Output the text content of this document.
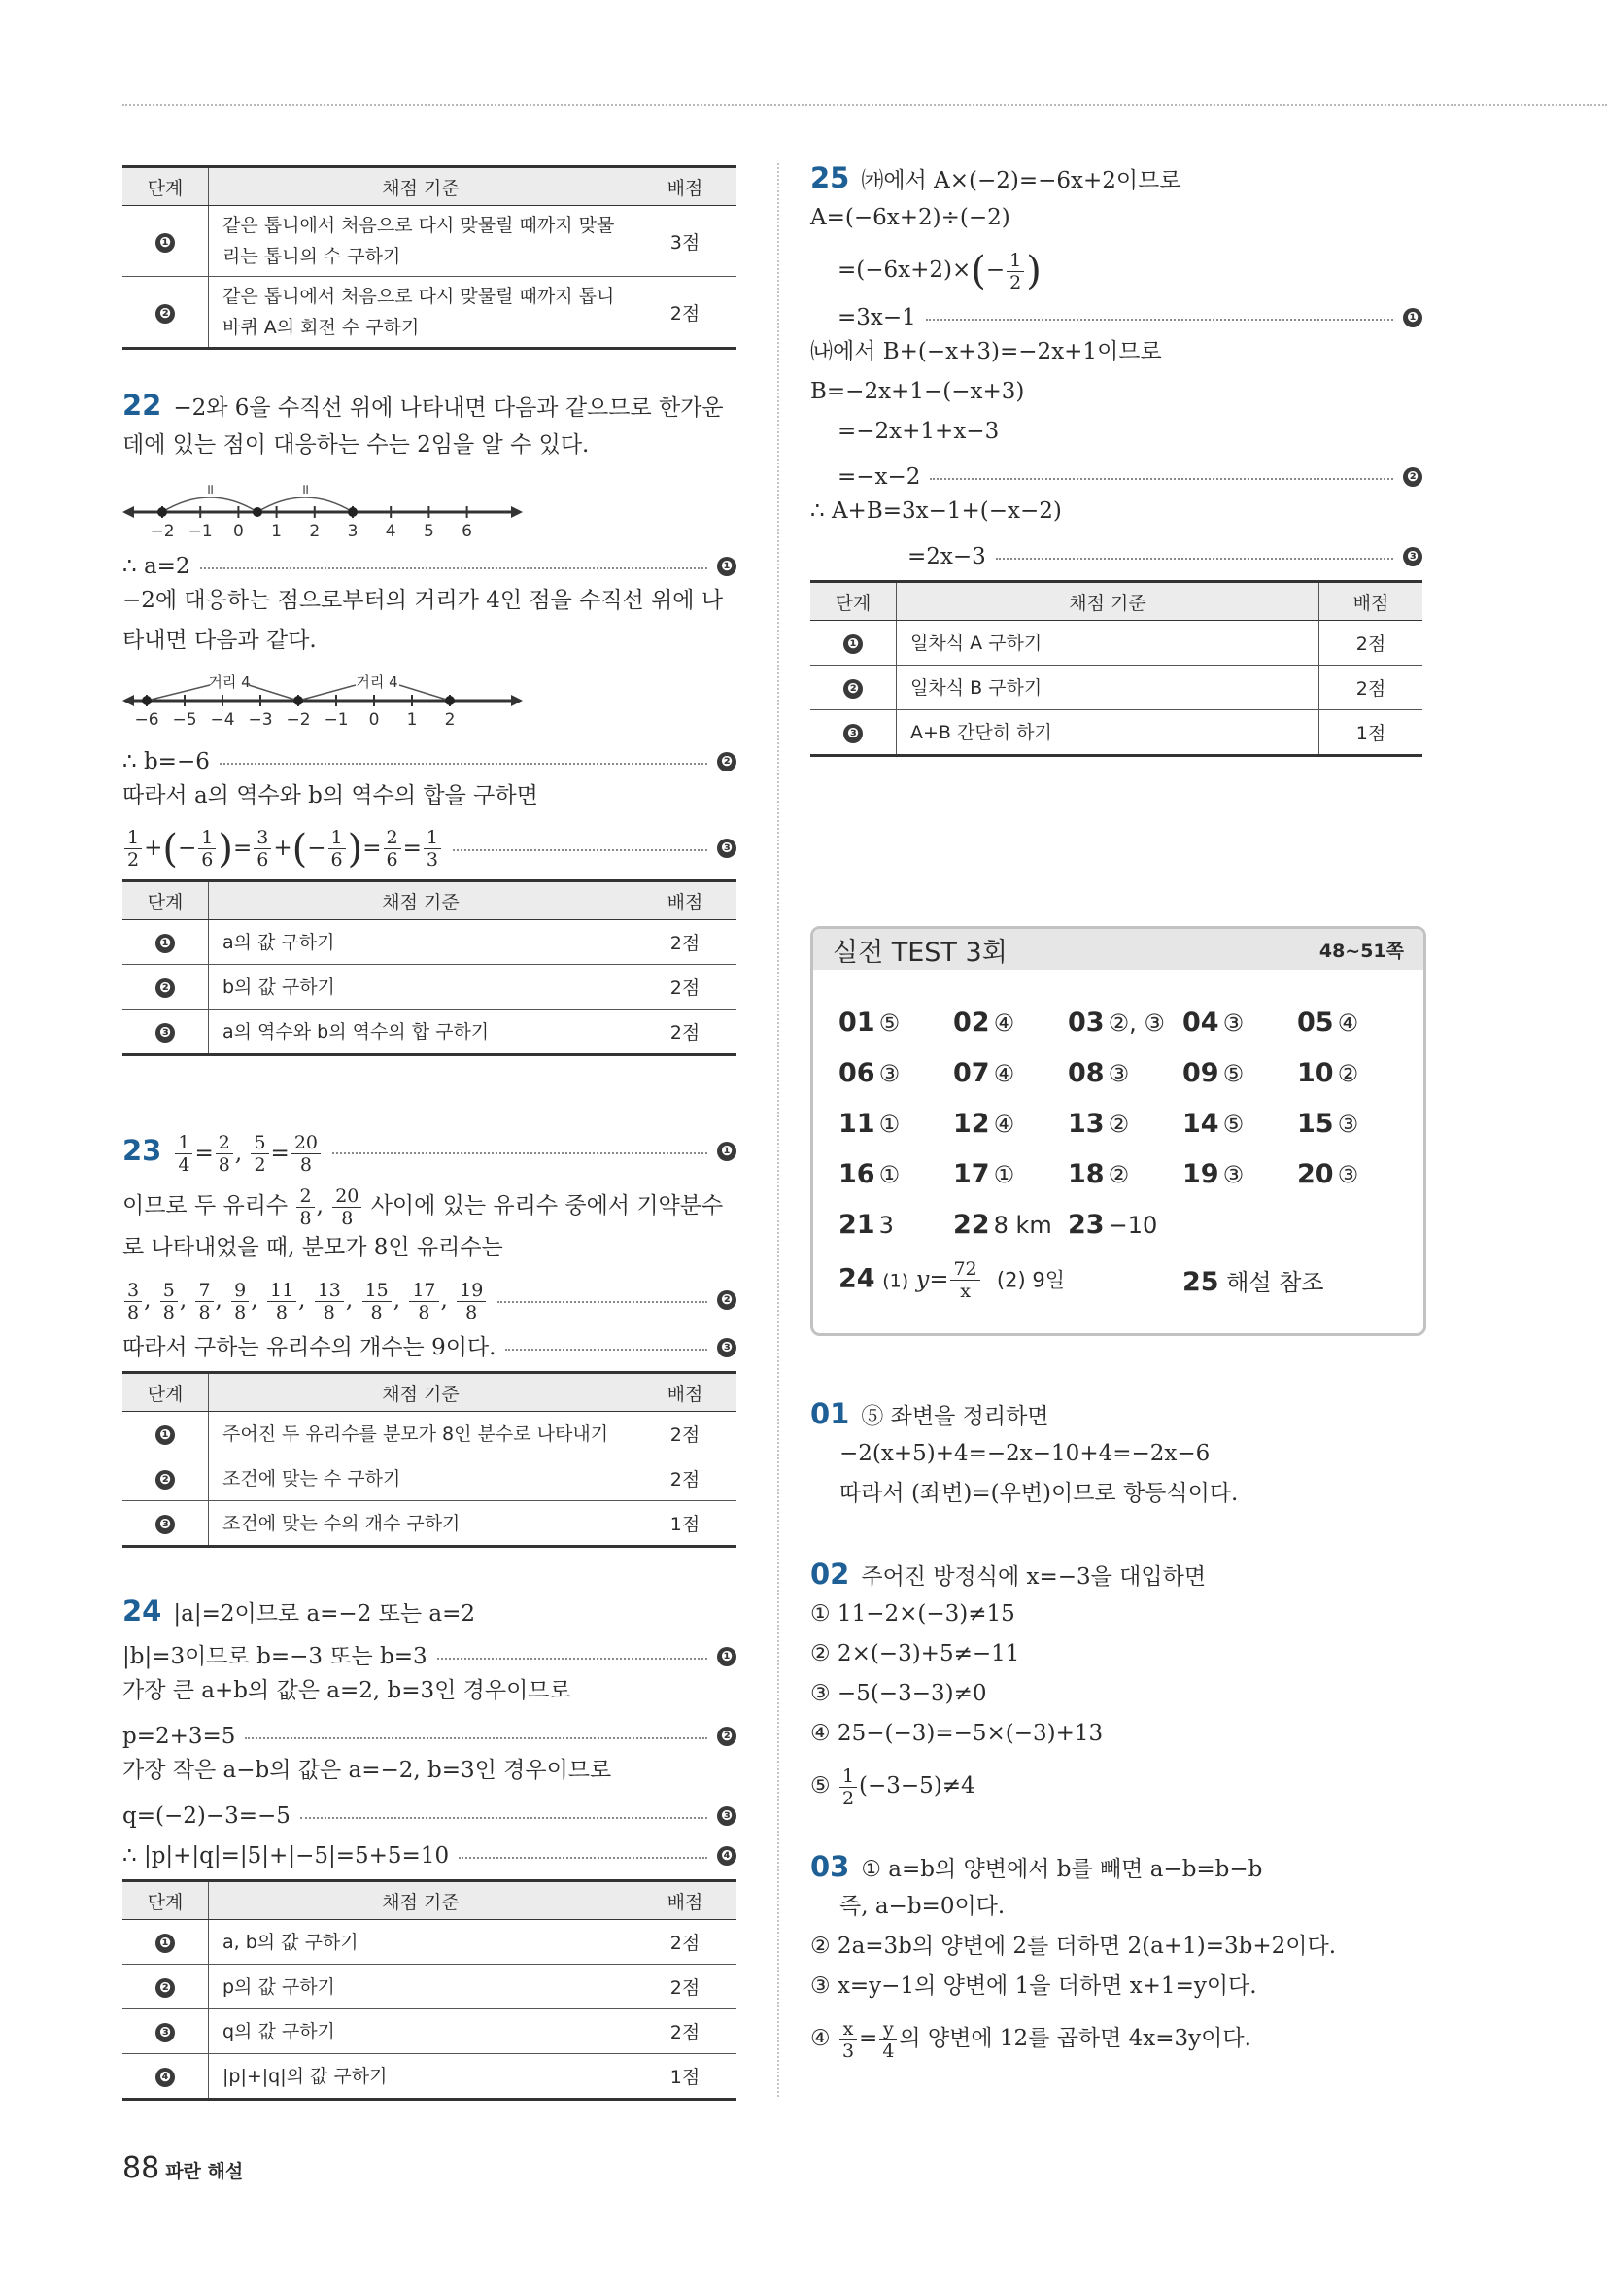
단계	채점 기준	배점
❶	같은 톱니에서 처음으로 다시 맞물릴 때까지 맞물리는 톱니의 수 구하기	3점
❷	같은 톱니에서 처음으로 다시 맞물릴 때까지 톱니바퀴 A의 회전 수 구하기	2점
22 −2와 6을 수직선 위에 나타내면 다음과 같으므로 한가운
데에 있는 점이 대응하는 수는 2임을 알 수 있다.
−2 −1 0 1 2 3 4 5 6
॥	॥
∴ a=2	❶
−2에 대응하는 점으로부터의 거리가 4인 점을 수직선 위에 나
타내면 다음과 같다.
−6 −5 −4 −3 −2 −1 0 1 2
거리 4	거리 4
∴ b=−6	❷
따라서 a의 역수와 b의 역수의 합을 구하면
$\frac{1}{2}$ +(− $\frac{1}{6}$ )= $\frac{3}{6}$ +(− $\frac{1}{6}$ )= $\frac{2}{6} = \frac{1}{3}$	❸
단계	채점 기준	배점
❶	a의 값 구하기	2점
❷	b의 값 구하기	2점
❸	a의 역수와 b의 역수의 합 구하기	2점
$23 \frac{1}{4} = \frac{2}{8}$ , $\frac{5}{2} = \frac{20}{8}$	❶
이므로 두 유리수 $\frac{2}{8}$ , $\frac{20}{8}$ 사이에 있는 유리수 중에서 기약분수
로 나타내었을 때, 분모가 8인 유리수는
$\frac{3}{8}$ , $\frac{5}{8}$ , $\frac{7}{8}$ , $\frac{9}{8}$ , $\frac{11}{8}$ , $\frac{13}{8}$ , $\frac{15}{8}$ , $\frac{17}{8}$ , $\frac{19}{8}$	❷
따라서 구하는 유리수의 개수는 9이다.	❸
단계	채점 기준	배점
❶	주어진 두 유리수를 분모가 8인 분수로 나타내기	2점
❷	조건에 맞는 수 구하기	2점
❸	조건에 맞는 수의 개수 구하기	1점
24 |a|=2이므로 a=−2 또는 a=2
|b|=3이므로 b=−3 또는 b=3	❶
가장 큰 a+b의 값은 a=2, b=3인 경우이므로
p=2+3=5	❷
가장 작은 a−b의 값은 a=−2, b=3인 경우이므로
q=(−2)−3=−5	❸
∴ |p|+|q|=|5|+|−5|=5+5=10	❹
단계	채점 기준	배점
❶	a, b의 값 구하기	2점
❷	p의 값 구하기	2점
❸	q의 값 구하기	2점
❹	|p|+|q|의 값 구하기	1점
25 ㈎에서 A×(−2)=−6x+2이므로
A=(−6x+2)÷(−2)
$=(-6x+2)\times(- \frac{1}{2}$ )
=3x−1	❶
㈏에서 B+(−x+3)=−2x+1이므로
B=−2x+1−(−x+3)
=−2x+1+x−3
=−x−2	❷
∴ A+B=3x−1+(−x−2)
=2x−3	❸
단계	채점 기준	배점
❶	일차식 A 구하기	2점
❷	일차식 B 구하기	2점
❸	A+B 간단히 하기	1점
실전 TEST 3회	48~51쪽
01 ⑤	02 ④	03 ②, ③ 04 ③	05 ④
06 ③	07 ④	08 ③	09 ⑤	10 ②
11 ①	12 ④	13 ②	14 ⑤	15 ③
16 ①	17 ①	18 ②	19 ③	20 ③
21 3	22 8 km 23 −10
24 (1) $y= \frac{72}{x} (2)$ 9일	25 해설 참조
01 ⑤ 좌변을 정리하면
−2(x+5)+4=−2x−10+4=−2x−6
따라서 (좌변)=(우변)이므로 항등식이다.
02 주어진 방정식에 x=−3을 대입하면
① 11−2×(−3)≠15
② 2×(−3)+5≠−11
③ −5(−3−3)≠0
④ 25−(−3)=−5×(−3)+13
⑤ $\frac{1}{2} (-3-5)\ne 4$
03 ① a=b의 양변에서 b를 빼면 a−b=b−b
즉, a−b=0이다.
② 2a=3b의 양변에 2를 더하면 2(a+1)=3b+2이다.
③ x=y−1의 양변에 1을 더하면 x+1=y이다.
④ $\frac{x}{3} = \frac{y}{4}$ 의 양변에 12를 곱하면 4x=3y이다.
88 파란 해설
